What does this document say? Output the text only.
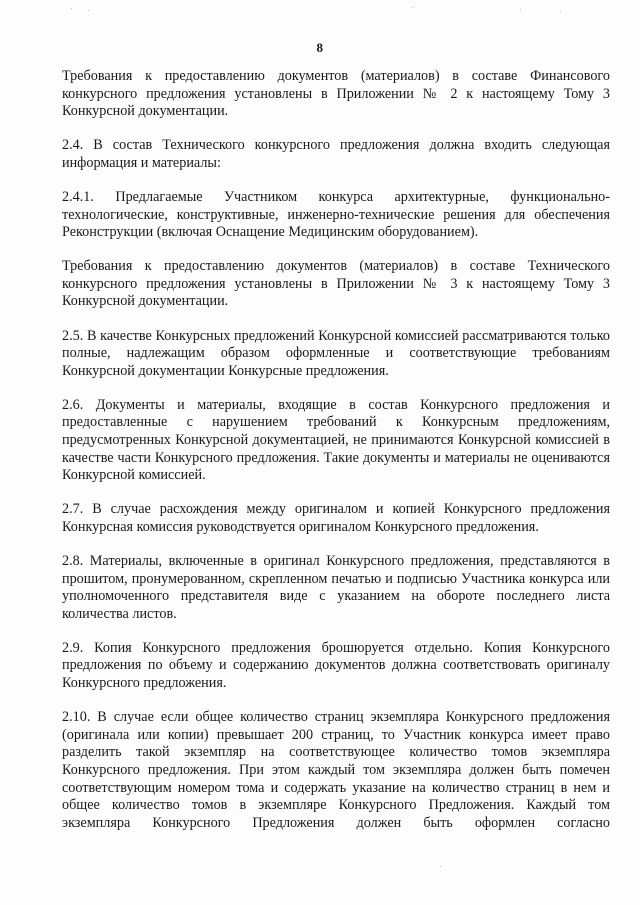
8

Требования к предоставлению документов (материалов) в составе Финансового конкурсного предложения установлены в Приложении № 2 к настоящему Тому 3 Конкурсной документации.

2.4. В состав Технического конкурсного предложения должна входить следующая информация и материалы:

2.4.1. Предлагаемые Участником конкурса архитектурные, функционально-технологические, конструктивные, инженерно-технические решения для обеспечения Реконструкции (включая Оснащение Медицинским оборудованием).

Требования к предоставлению документов (материалов) в составе Технического конкурсного предложения установлены в Приложении № 3 к настоящему Тому 3 Конкурсной документации.

2.5. В качестве Конкурсных предложений Конкурсной комиссией рассматриваются только полные, надлежащим образом оформленные и соответствующие требованиям Конкурсной документации Конкурсные предложения.

2.6. Документы и материалы, входящие в состав Конкурсного предложения и предоставленные с нарушением требований к Конкурсным предложениям, предусмотренных Конкурсной документацией, не принимаются Конкурсной комиссией в качестве части Конкурсного предложения. Такие документы и материалы не оцениваются Конкурсной комиссией.

2.7. В случае расхождения между оригиналом и копией Конкурсного предложения Конкурсная комиссия руководствуется оригиналом Конкурсного предложения.

2.8. Материалы, включенные в оригинал Конкурсного предложения, представляются в прошитом, пронумерованном, скрепленном печатью и подписью Участника конкурса или уполномоченного представителя виде с указанием на обороте последнего листа количества листов.

2.9. Копия Конкурсного предложения брошюруется отдельно. Копия Конкурсного предложения по объему и содержанию документов должна соответствовать оригиналу Конкурсного предложения.

2.10. В случае если общее количество страниц экземпляра Конкурсного предложения (оригинала или копии) превышает 200 страниц, то Участник конкурса имеет право разделить такой экземпляр на соответствующее количество томов экземпляра Конкурсного предложения. При этом каждый том экземпляра должен быть помечен соответствующим номером тома и содержать указание на количество страниц в нем и общее количество томов в экземпляре Конкурсного Предложения. Каждый том экземпляра Конкурсного Предложения должен быть оформлен согласно
